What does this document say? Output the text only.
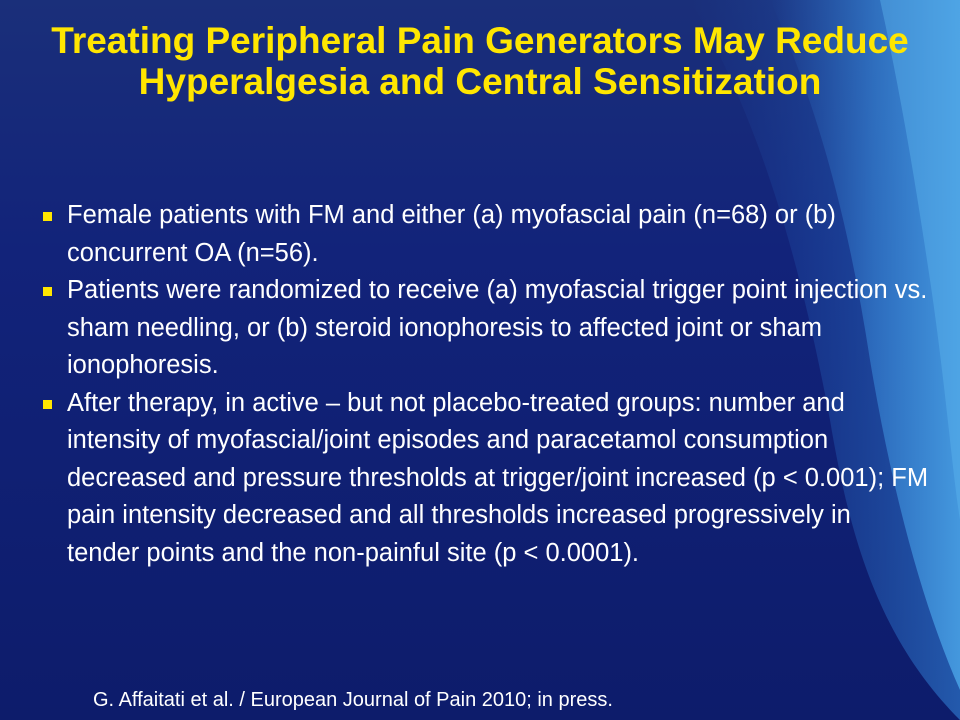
Treating Peripheral Pain Generators May Reduce Hyperalgesia and Central Sensitization
Female patients with FM and either (a) myofascial pain (n=68) or (b) concurrent OA (n=56).
Patients were randomized to receive (a) myofascial trigger point injection vs. sham needling, or (b) steroid ionophoresis to affected joint or sham ionophoresis.
After therapy, in active – but not placebo-treated groups: number and intensity of myofascial/joint episodes and paracetamol consumption decreased and pressure thresholds at trigger/joint increased (p < 0.001); FM pain intensity decreased and all thresholds increased progressively in tender points and the non-painful site (p < 0.0001).

G. Affaitati et al. / European Journal of Pain 2010; in press.
